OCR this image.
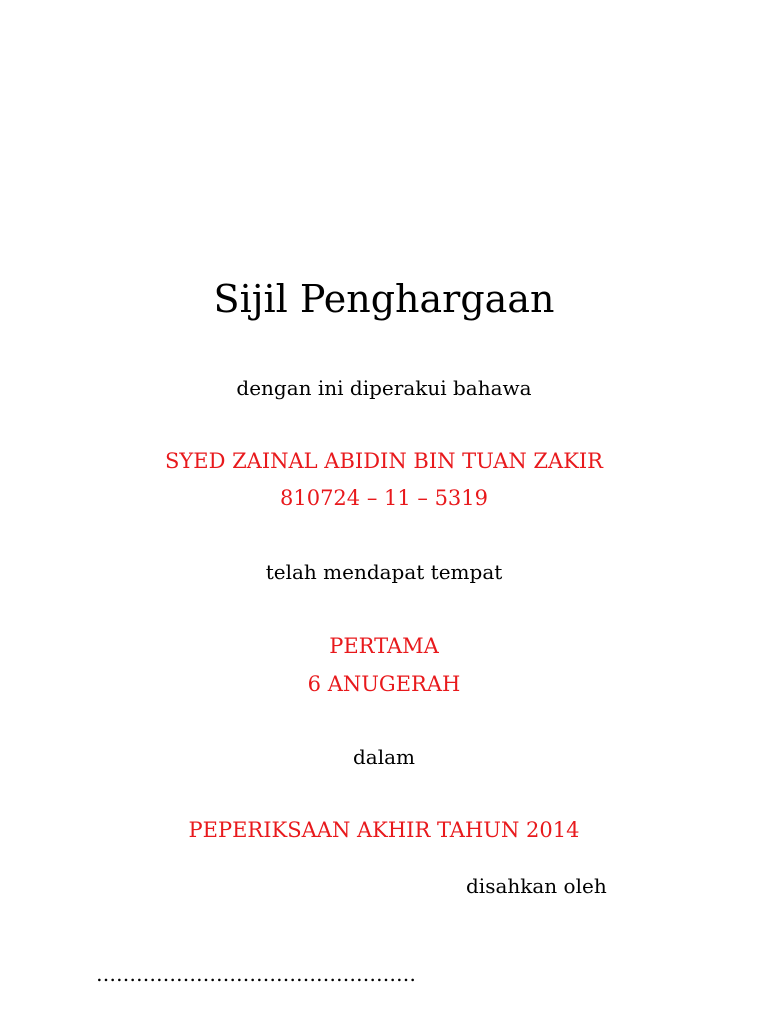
Sijil Penghargaan
dengan ini diperakui bahawa
SYED ZAINAL ABIDIN BIN TUAN ZAKIR
810724 – 11 – 5319
telah mendapat tempat
PERTAMA
6 ANUGERAH
dalam
PEPERIKSAAN AKHIR TAHUN 2014
disahkan oleh
…………………………………………
